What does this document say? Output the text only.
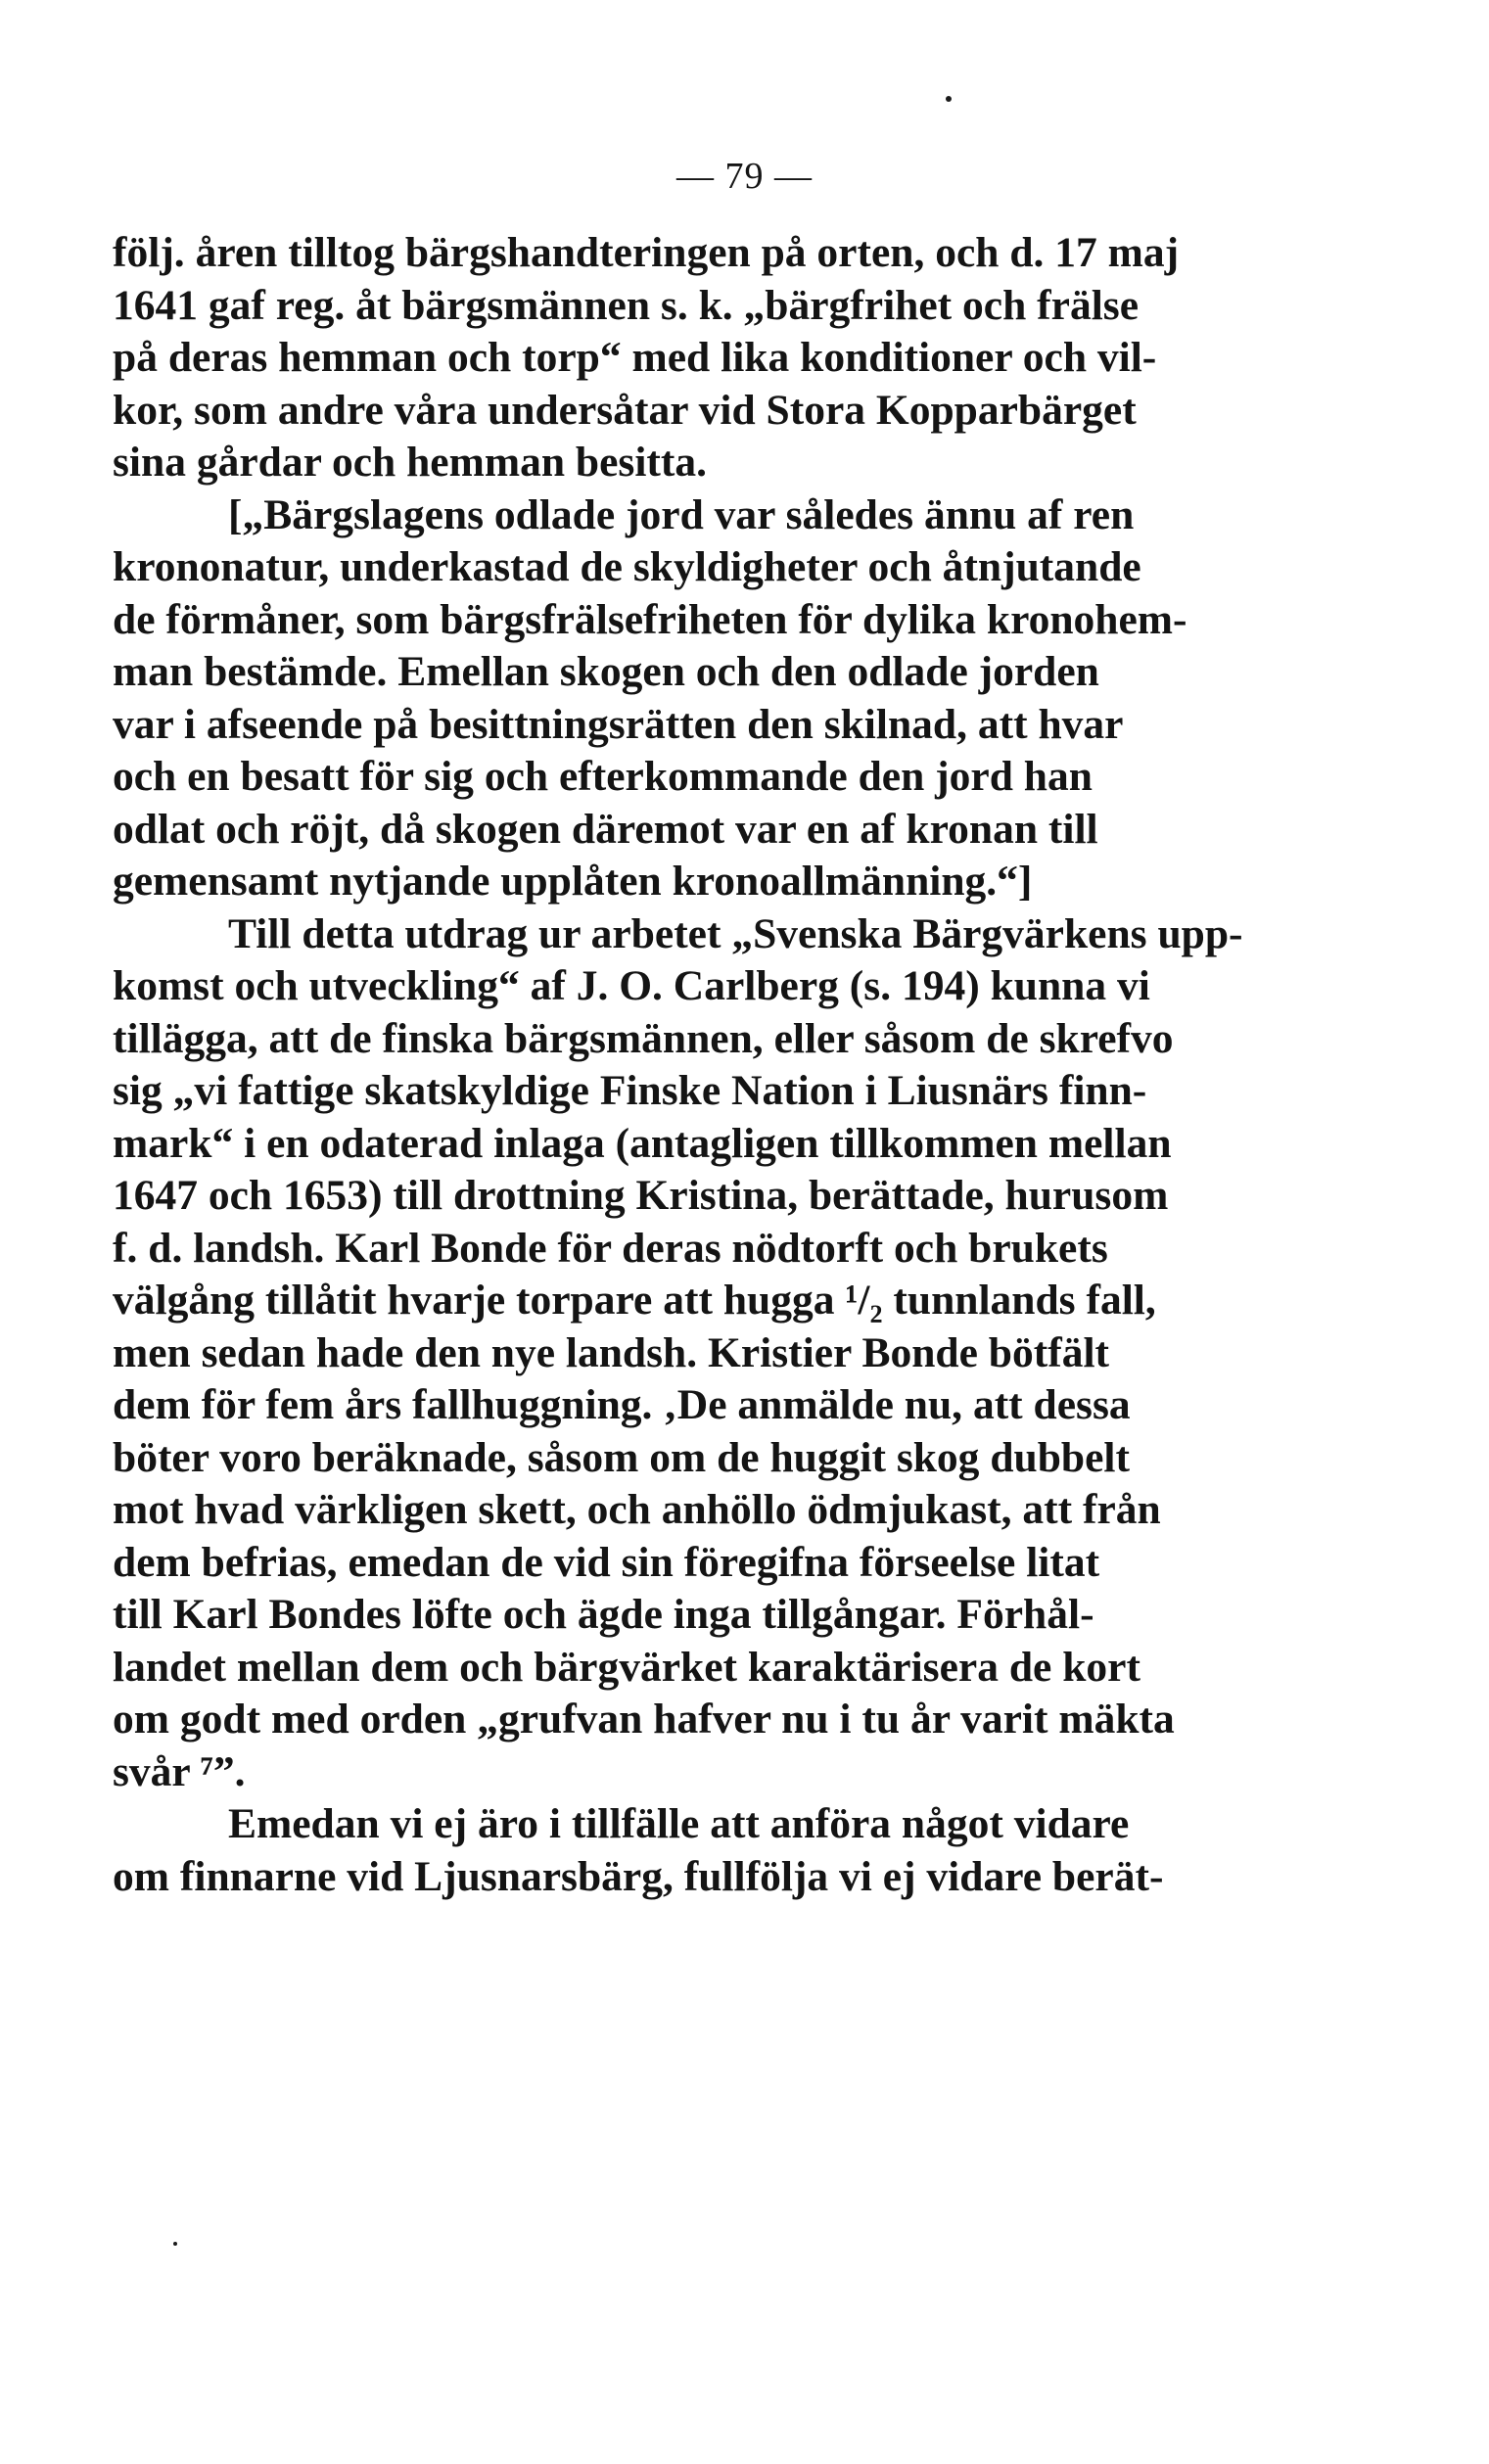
— 79 —
följ. åren tilltog bärgshandteringen på orten, och d. 17 maj
1641 gaf reg. åt bärgsmännen s. k. „bärgfrihet och frälse
på deras hemman och torp“ med lika konditioner och vil-
kor, som andre våra undersåtar vid Stora Kopparbärget
sina gårdar och hemman besitta.
[„Bärgslagens odlade jord var således ännu af ren
krononatur, underkastad de skyldigheter och åtnjutande
de förmåner, som bärgsfrälsefriheten för dylika kronohem-
man bestämde. Emellan skogen och den odlade jorden
var i afseende på besittningsrätten den skilnad, att hvar
och en besatt för sig och efterkommande den jord han
odlat och röjt, då skogen däremot var en af kronan till
gemensamt nytjande upplåten kronoallmänning.“]
Till detta utdrag ur arbetet „Svenska Bärgvärkens upp-
komst och utveckling“ af J. O. Carlberg (s. 194) kunna vi
tillägga, att de finska bärgsmännen, eller såsom de skrefvo
sig „vi fattige skatskyldige Finske Nation i Liusnärs finn-
mark“ i en odaterad inlaga (antagligen tillkommen mellan
1647 och 1653) till drottning Kristina, berättade, hurusom
f. d. landsh. Karl Bonde för deras nödtorft och brukets
välgång tillåtit hvarje torpare att hugga ¹/₂ tunnlands fall,
men sedan hade den nye landsh. Kristier Bonde bötfält
dem för fem års fallhuggning. ‚De anmälde nu, att dessa
böter voro beräknade, såsom om de huggit skog dubbelt
mot hvad värkligen skett, och anhöllo ödmjukast, att från
dem befrias, emedan de vid sin föregifna förseelse litat
till Karl Bondes löfte och ägde inga tillgångar. Förhål-
landet mellan dem och bärgvärket karaktärisera de kort
om godt med orden „grufvan hafver nu i tu år varit mäkta
svår ⁷ˮ.
Emedan vi ej äro i tillfälle att anföra något vidare
om finnarne vid Ljusnarsbärg, fullfölja vi ej vidare berät-
